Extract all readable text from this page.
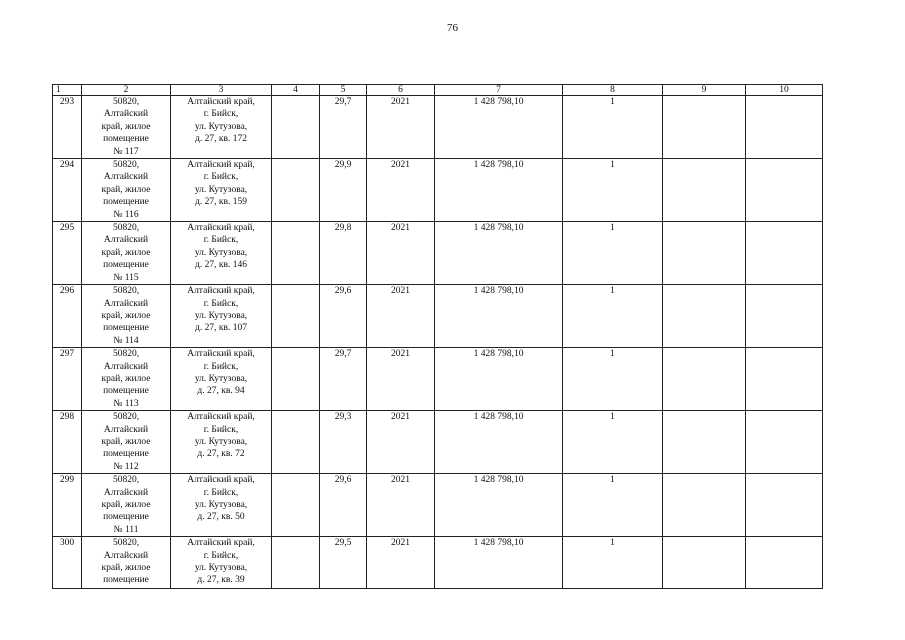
76
1	2	3	4	5	6	7	8	9	10
293	50820,
Алтайский
край, жилое
помещение
№ 117	Алтайский край,
г. Бийск,
ул. Кутузова,
д. 27, кв. 172		29,7	2021	1 428 798,10	1		
294	50820,
Алтайский
край, жилое
помещение
№ 116	Алтайский край,
г. Бийск,
ул. Кутузова,
д. 27, кв. 159		29,9	2021	1 428 798,10	1		
295	50820,
Алтайский
край, жилое
помещение
№ 115	Алтайский край,
г. Бийск,
ул. Кутузова,
д. 27, кв. 146		29,8	2021	1 428 798,10	1		
296	50820,
Алтайский
край, жилое
помещение
№ 114	Алтайский край,
г. Бийск,
ул. Кутузова,
д. 27, кв. 107		29,6	2021	1 428 798,10	1		
297	50820,
Алтайский
край, жилое
помещение
№ 113	Алтайский край,
г. Бийск,
ул. Кутузова,
д. 27, кв. 94		29,7	2021	1 428 798,10	1		
298	50820,
Алтайский
край, жилое
помещение
№ 112	Алтайский край,
г. Бийск,
ул. Кутузова,
д. 27, кв. 72		29,3	2021	1 428 798,10	1		
299	50820,
Алтайский
край, жилое
помещение
№ 111	Алтайский край,
г. Бийск,
ул. Кутузова,
д. 27, кв. 50		29,6	2021	1 428 798,10	1		
300	50820,
Алтайский
край, жилое
помещение	Алтайский край,
г. Бийск,
ул. Кутузова,
д. 27, кв. 39		29,5	2021	1 428 798,10	1		
